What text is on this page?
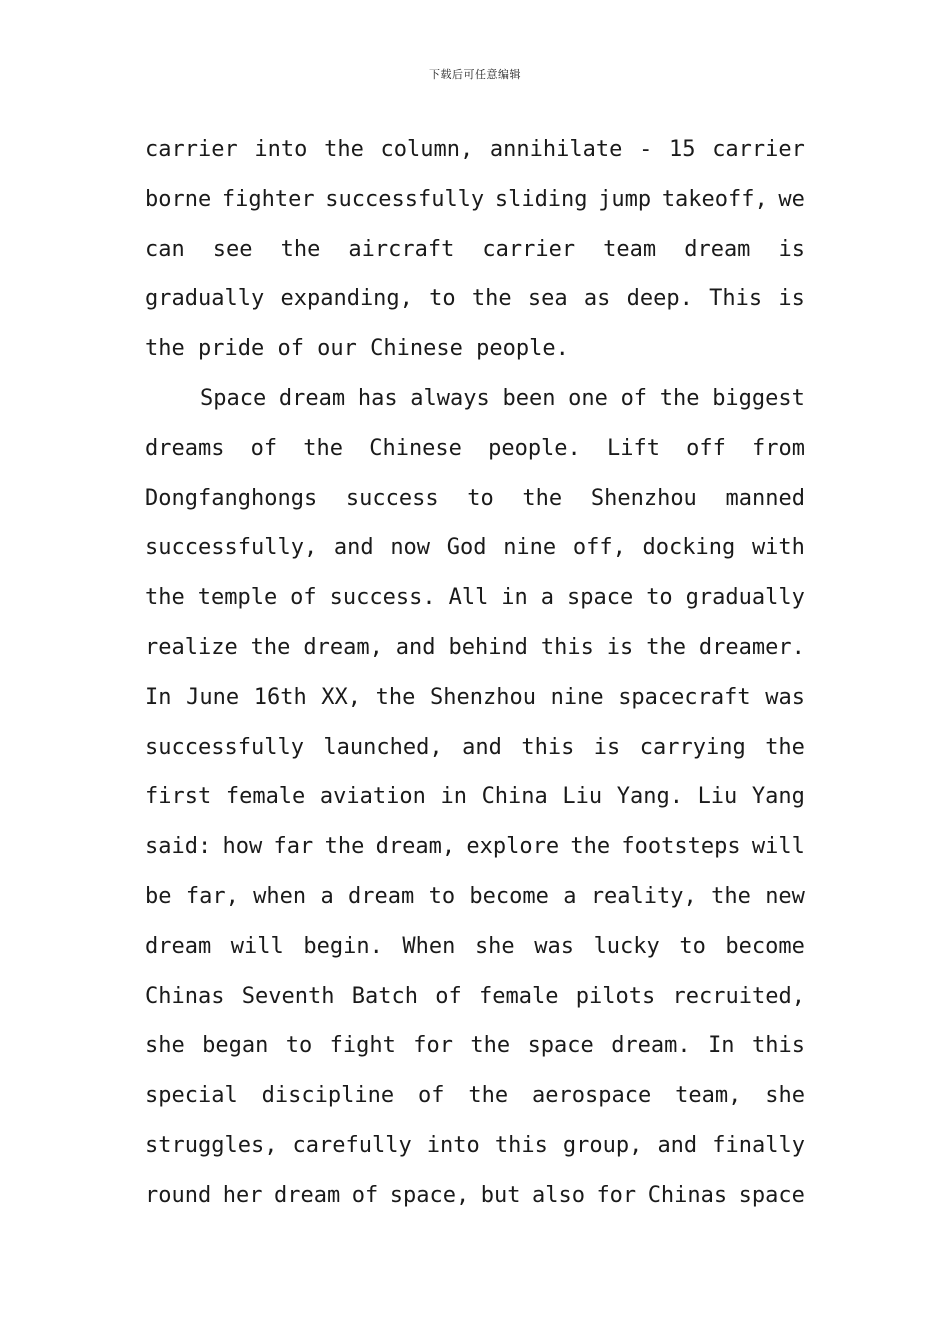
下载后可任意编辑
carrier into the column, annihilate - 15 carrier
borne fighter successfully sliding jump takeoff, we
can see the aircraft carrier team dream is
gradually expanding, to the sea as deep. This is
the pride of our Chinese people.
Space dream has always been one of the biggest
dreams of the Chinese people. Lift off from
Dongfanghongs success to the Shenzhou manned
successfully, and now God nine off, docking with
the temple of success. All in a space to gradually
realize the dream, and behind this is the dreamer.
In June 16th XX, the Shenzhou nine spacecraft was
successfully launched, and this is carrying the
first female aviation in China Liu Yang. Liu Yang
said: how far the dream, explore the footsteps will
be far, when a dream to become a reality, the new
dream will begin. When she was lucky to become
Chinas Seventh Batch of female pilots recruited,
she began to fight for the space dream. In this
special discipline of the aerospace team, she
struggles, carefully into this group, and finally
round her dream of space, but also for Chinas space
